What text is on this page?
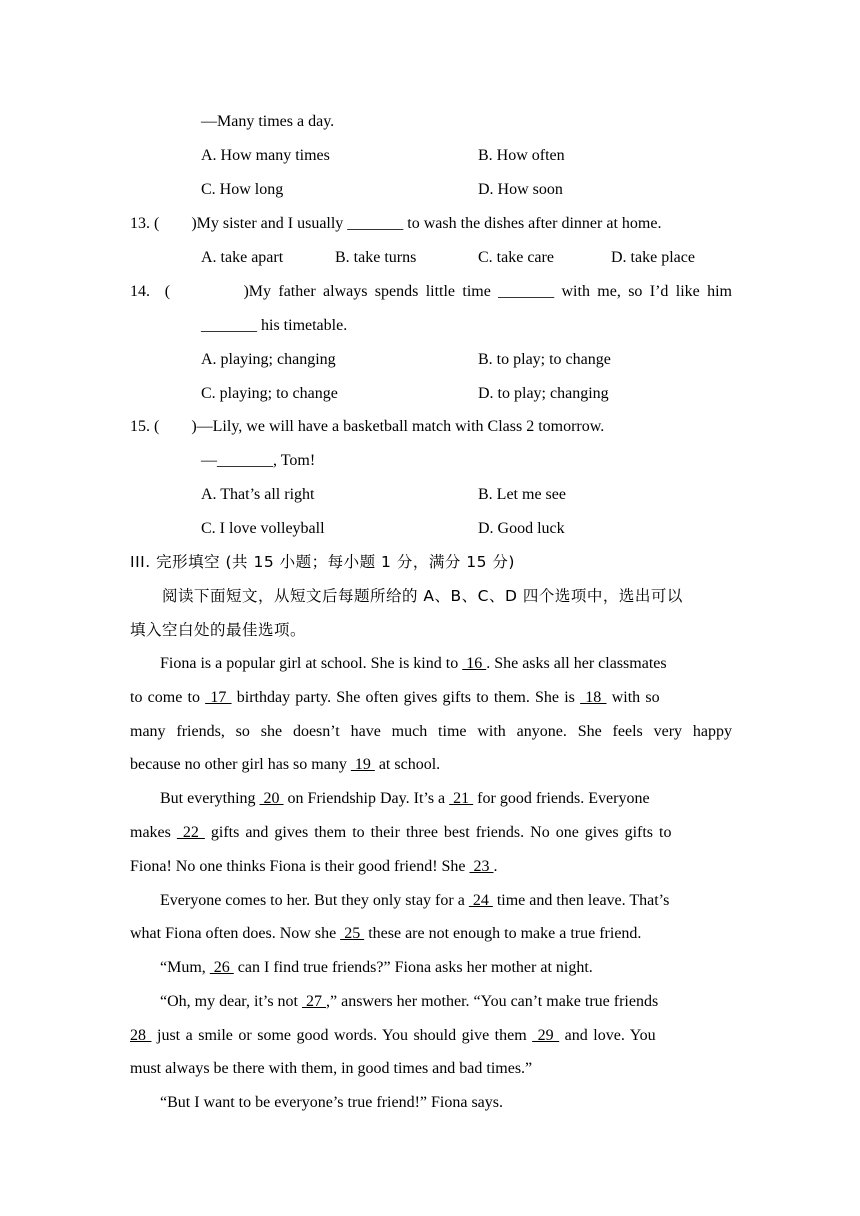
—Many times a day.
A. How many times	B. How often
C. How long	D. How soon
13. (        )My sister and I usually _______ to wash the dishes after dinner at home.
A. take apart	B. take turns	C. take care	D. take place
14.  (          )My father always spends little time _______ with me, so I’d like him
_______ his timetable.
A. playing; changing	B. to play; to change
C. playing; to change	D. to play; changing
15. (        )—Lily, we will have a basketball match with Class 2 tomorrow.
—_______, Tom!
A. That’s all right	B. Let me see
C. I love volleyball	D. Good luck
III. 完形填空 (共 15 小题；每小题 1 分，满分 15 分)
阅读下面短文，从短文后每题所给的 A、B、C、D 四个选项中，选出可以
填入空白处的最佳选项。
Fiona is a popular girl at school. She is kind to  16 . She asks all her classmates
to come to  17  birthday party. She often gives gifts to them. She is  18  with so
many friends, so she doesn’t have much time with anyone. She feels very happy
because no other girl has so many  19  at school.
But everything  20  on Friendship Day. It’s a  21  for good friends. Everyone
makes  22  gifts and gives them to their three best friends. No one gives gifts to
Fiona! No one thinks Fiona is their good friend! She  23 .
Everyone comes to her. But they only stay for a  24  time and then leave. That’s
what Fiona often does. Now she  25  these are not enough to make a true friend.
“Mum,  26  can I find true friends?” Fiona asks her mother at night.
“Oh, my dear, it’s not  27 ,” answers her mother. “You can’t make true friends
28  just a smile or some good words. You should give them  29  and love. You
must always be there with them, in good times and bad times.”
“But I want to be everyone’s true friend!” Fiona says.
